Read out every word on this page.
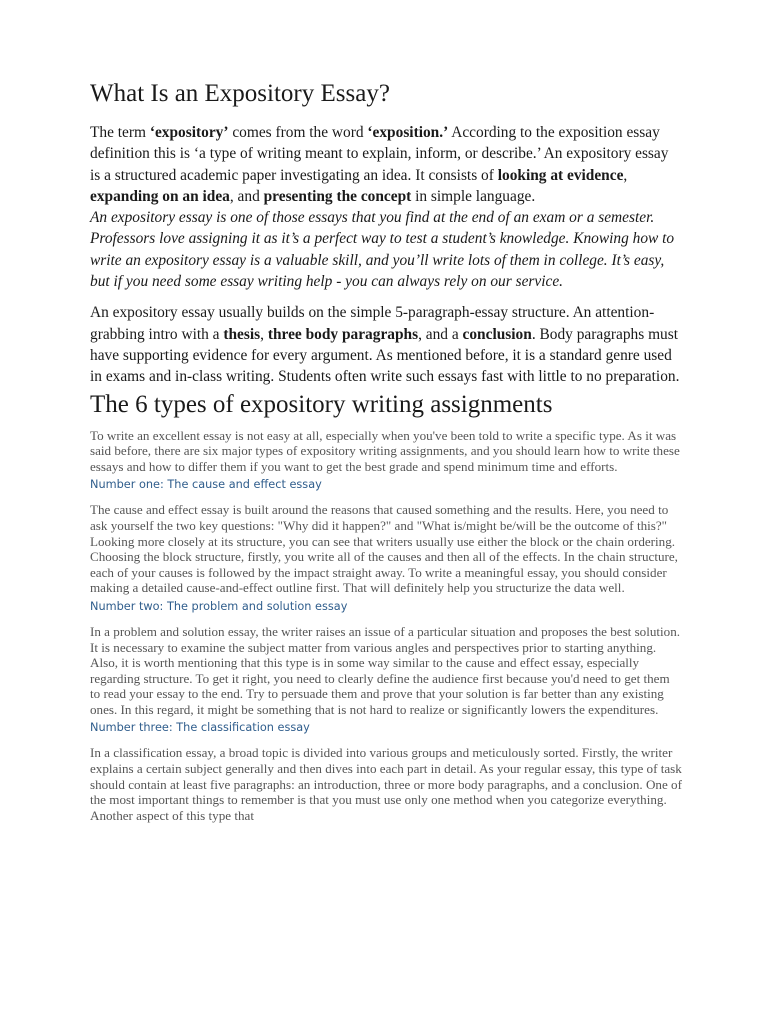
What Is an Expository Essay?

The term ‘expository’ comes from the word ‘exposition.’ According to the exposition essay definition this is ‘a type of writing meant to explain, inform, or describe.’ An expository essay is a structured academic paper investigating an idea. It consists of looking at evidence, expanding on an idea, and presenting the concept in simple language.

An expository essay is one of those essays that you find at the end of an exam or a semester. Professors love assigning it as it’s a perfect way to test a student’s knowledge. Knowing how to write an expository essay is a valuable skill, and you’ll write lots of them in college. It’s easy, but if you need some essay writing help - you can always rely on our service.

An expository essay usually builds on the simple 5-paragraph-essay structure. An attention-grabbing intro with a thesis, three body paragraphs, and a conclusion. Body paragraphs must have supporting evidence for every argument. As mentioned before, it is a standard genre used in exams and in-class writing. Students often write such essays fast with little to no preparation.

The 6 types of expository writing assignments

To write an excellent essay is not easy at all, especially when you've been told to write a specific type. As it was said before, there are six major types of expository writing assignments, and you should learn how to write these essays and how to differ them if you want to get the best grade and spend minimum time and efforts.

Number one: The cause and effect essay

The cause and effect essay is built around the reasons that caused something and the results. Here, you need to ask yourself the two key questions: "Why did it happen?" and "What is/might be/will be the outcome of this?" Looking more closely at its structure, you can see that writers usually use either the block or the chain ordering. Choosing the block structure, firstly, you write all of the causes and then all of the effects. In the chain structure, each of your causes is followed by the impact straight away. To write a meaningful essay, you should consider making a detailed cause-and-effect outline first. That will definitely help you structurize the data well.

Number two: The problem and solution essay

In a problem and solution essay, the writer raises an issue of a particular situation and proposes the best solution. It is necessary to examine the subject matter from various angles and perspectives prior to starting anything. Also, it is worth mentioning that this type is in some way similar to the cause and effect essay, especially regarding structure. To get it right, you need to clearly define the audience first because you'd need to get them to read your essay to the end. Try to persuade them and prove that your solution is far better than any existing ones. In this regard, it might be something that is not hard to realize or significantly lowers the expenditures.

Number three: The classification essay

In a classification essay, a broad topic is divided into various groups and meticulously sorted. Firstly, the writer explains a certain subject generally and then dives into each part in detail. As your regular essay, this type of task should contain at least five paragraphs: an introduction, three or more body paragraphs, and a conclusion. One of the most important things to remember is that you must use only one method when you categorize everything. Another aspect of this type that
